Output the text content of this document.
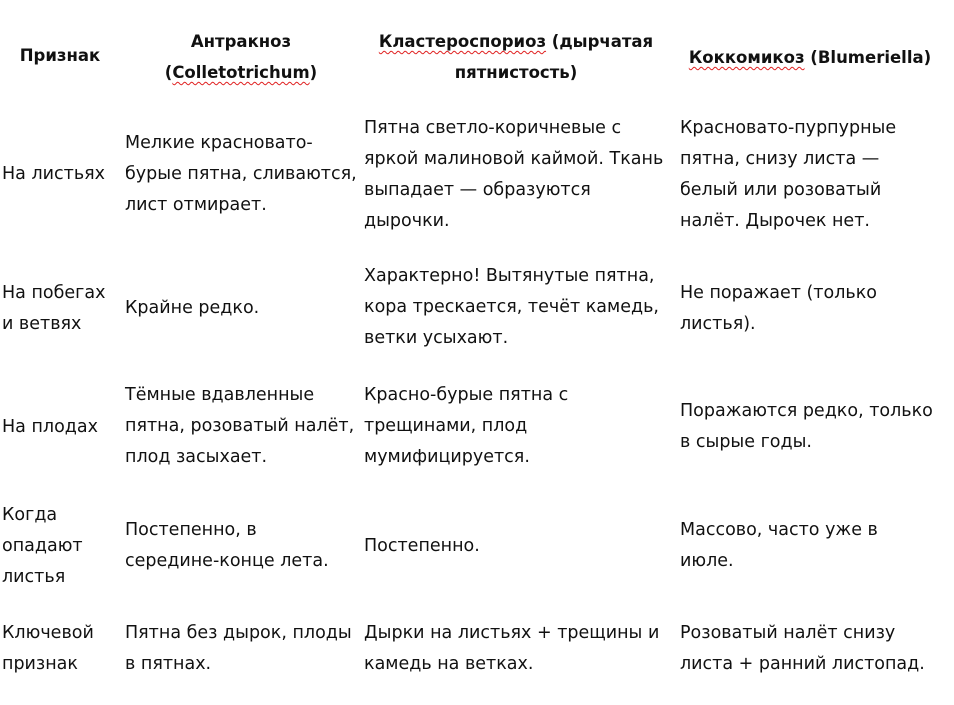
Признак
Антракноз
(Colletotrichum)
Кластероспориоз (дырчатая
пятнистость)
Коккомикоз (Blumeriella)
На листьях
Мелкие красновато-
бурые пятна, сливаются,
лист отмирает.
Пятна светло-коричневые с
яркой малиновой каймой. Ткань
выпадает — образуются
дырочки.
Красновато-пурпурные
пятна, снизу листа —
белый или розоватый
налёт. Дырочек нет.
На побегах
и ветвях
Крайне редко.
Характерно! Вытянутые пятна,
кора трескается, течёт камедь,
ветки усыхают.
Не поражает (только
листья).
На плодах
Тёмные вдавленные
пятна, розоватый налёт,
плод засыхает.
Красно-бурые пятна с
трещинами, плод
мумифицируется.
Поражаются редко, только
в сырые годы.
Когда
опадают
листья
Постепенно, в
середине-конце лета.
Постепенно.
Массово, часто уже в
июле.
Ключевой
признак
Пятна без дырок, плоды
в пятнах.
Дырки на листьях + трещины и
камедь на ветках.
Розоватый налёт снизу
листа + ранний листопад.
